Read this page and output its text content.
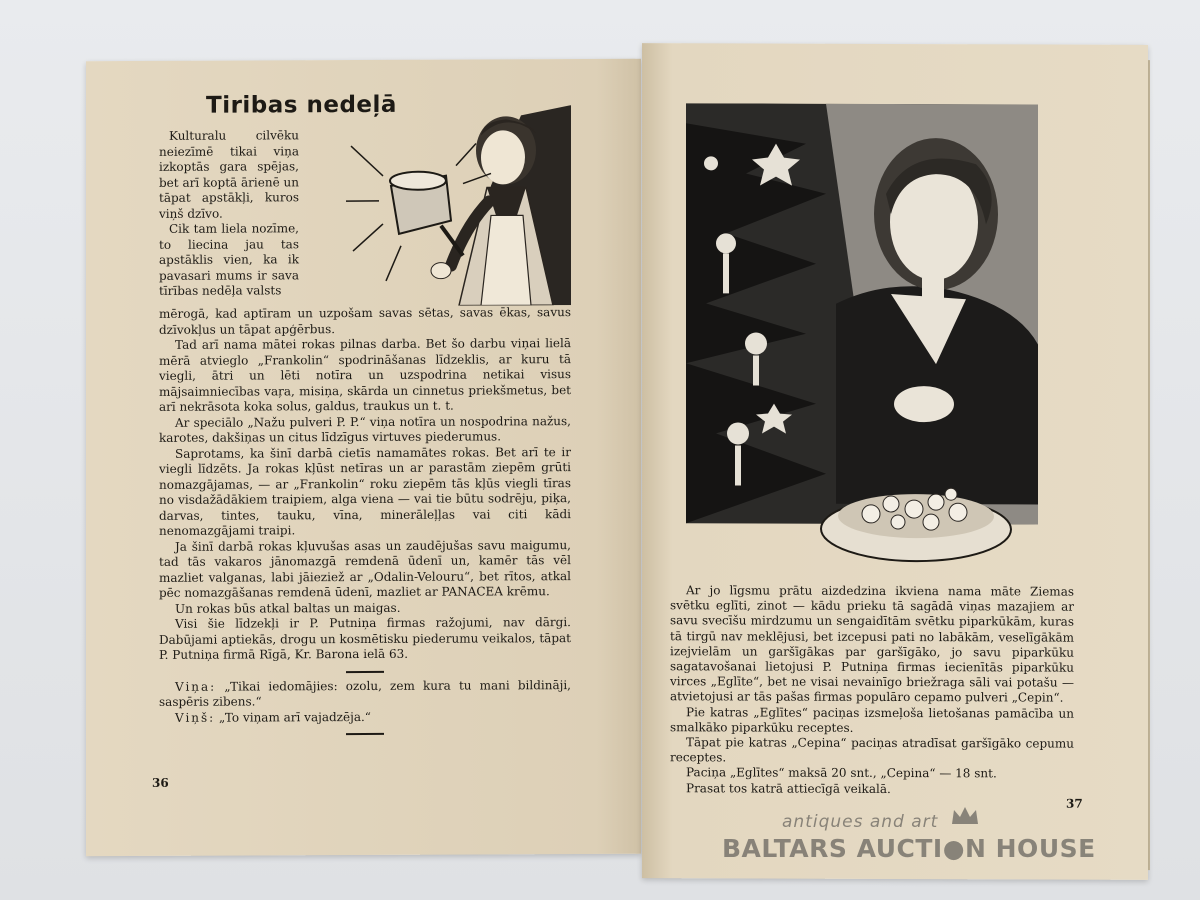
Tiribas nedeļā

Kulturalu cilvēku neiezīmē tikai viņa izkoptās gara spējas, bet arī koptā ārienē un tāpat apstākļi, kuros viņš dzīvo.

Cik tam liela nozīme, to liecina jau tas apstāklis vien, ka ik pavasari mums ir sava tīrības nedēļa valsts

mērogā, kad aptīram un uzpošam savas sētas, savas ēkas, savus dzīvokļus un tāpat apģērbus.

Tad arī nama mātei rokas pilnas darba. Bet šo darbu viņai lielā mērā atvieglo „Frankolin“ spodrināšanas līdzeklis, ar kuru tā viegli, ātri un lēti notīra un uzspodrina netikai visus mājsaimniecības vaŗa, misiņa, skārda un cinnetus priekšmetus, bet arī nekrāsota koka solus, galdus, traukus un t. t.

Ar speciālo „Nažu pulveri P. P.“ viņa notīra un nospodrina nažus, karotes, dakšiņas un citus līdzīgus virtuves piederumus.

Saprotams, ka šinī darbā cietīs namamātes rokas. Bet arī te ir viegli līdzēts. Ja rokas kļūst netīras un ar parastām ziepēm grūti nomazgājamas, — ar „Frankolin“ roku ziepēm tās kļūs viegli tīras no visdažādākiem traipiem, alga viena — vai tie būtu sodrēju, piķa, darvas, tintes, tauku, vīna, minerāleļļas vai citi kādi nenomazgājami traipi.

Ja šinī darbā rokas kļuvušas asas un zaudējušas savu maigumu, tad tās vakaros jānomazgā remdenā ūdenī un, kamēr tās vēl mazliet valganas, labi jāieziež ar „Odalin-Velouru“, bet rītos, atkal pēc nomazgāšanas remdenā ūdenī, mazliet ar PANACEA krēmu.

Un rokas būs atkal baltas un maigas.

Visi šie līdzekļi ir P. Putniņa firmas ražojumi, nav dārgi. Dabūjami aptiekās, drogu un kosmētisku piederumu veikalos, tāpat P. Putniņa firmā Rīgā, Kr. Barona ielā 63.

Viņa: „Tikai iedomājies: ozolu, zem kura tu mani bildināji, saspēris zibens.“

Viņš: „To viņam arī vajadzēja.“

36

Ar jo līgsmu prātu aizdedzina ikviena nama māte Ziemas svētku eglīti, zinot — kādu prieku tā sagādā viņas mazajiem ar savu svecīšu mirdzumu un sengaidītām svētku piparkūkām, kuras tā tirgū nav meklējusi, bet izcepusi pati no labākām, veselīgākām izejvielām un garšīgākas par garšīgāko, jo savu piparkūku sagatavošanai lietojusi P. Putniņa firmas iecienītās piparkūku virces „Eglīte“, bet ne visai nevainīgo briežraga sāli vai potašu — atvietojusi ar tās pašas firmas populāro cepamo pulveri „Cepin“.

Pie katras „Eglītes“ paciņas izsmeļoša lietošanas pamācība un smalkāko piparkūku receptes.

Tāpat pie katras „Cepina“ paciņas atradīsat garšīgāko cepumu receptes.

Paciņa „Eglītes“ maksā 20 snt., „Cepina“ — 18 snt.

Prasat tos katrā attiecīgā veikalā.

37
antiques and art
BALTARS AUCTI●N HOUSE
